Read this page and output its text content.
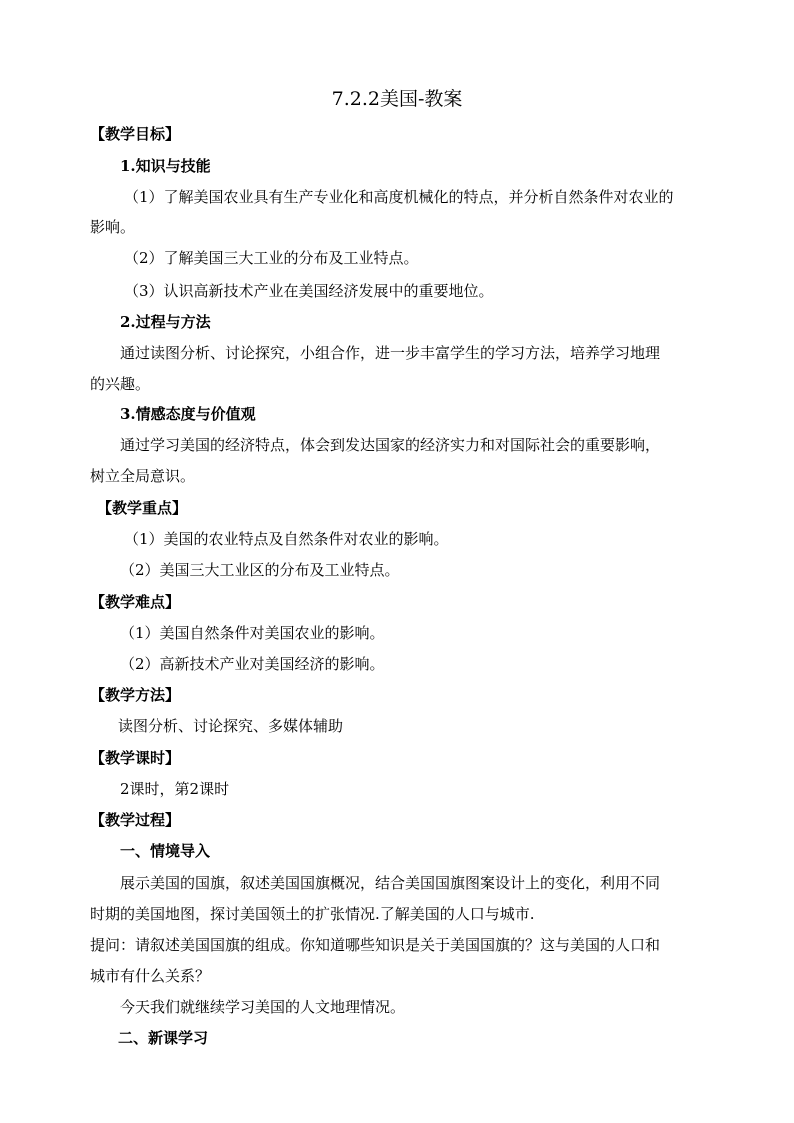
7.2.2美国-教案
【教学目标】
1.知识与技能
（1）了解美国农业具有生产专业化和高度机械化的特点，并分析自然条件对农业的
影响。
（2）了解美国三大工业的分布及工业特点。
（3）认识高新技术产业在美国经济发展中的重要地位。
2.过程与方法
通过读图分析、讨论探究，小组合作，进一步丰富学生的学习方法，培养学习地理
的兴趣。
3.情感态度与价值观
通过学习美国的经济特点，体会到发达国家的经济实力和对国际社会的重要影响，
树立全局意识。
【教学重点】
（1）美国的农业特点及自然条件对农业的影响。
（2）美国三大工业区的分布及工业特点。
【教学难点】
（1）美国自然条件对美国农业的影响。
（2）高新技术产业对美国经济的影响。
【教学方法】
读图分析、讨论探究、多媒体辅助
【教学课时】
2课时，第2课时
【教学过程】
一、情境导入
展示美国的国旗，叙述美国国旗概况，结合美国国旗图案设计上的变化，利用不同
时期的美国地图，探讨美国领土的扩张情况.了解美国的人口与城市.
提问：请叙述美国国旗的组成。你知道哪些知识是关于美国国旗的？这与美国的人口和
城市有什么关系？
今天我们就继续学习美国的人文地理情况。
二、新课学习
